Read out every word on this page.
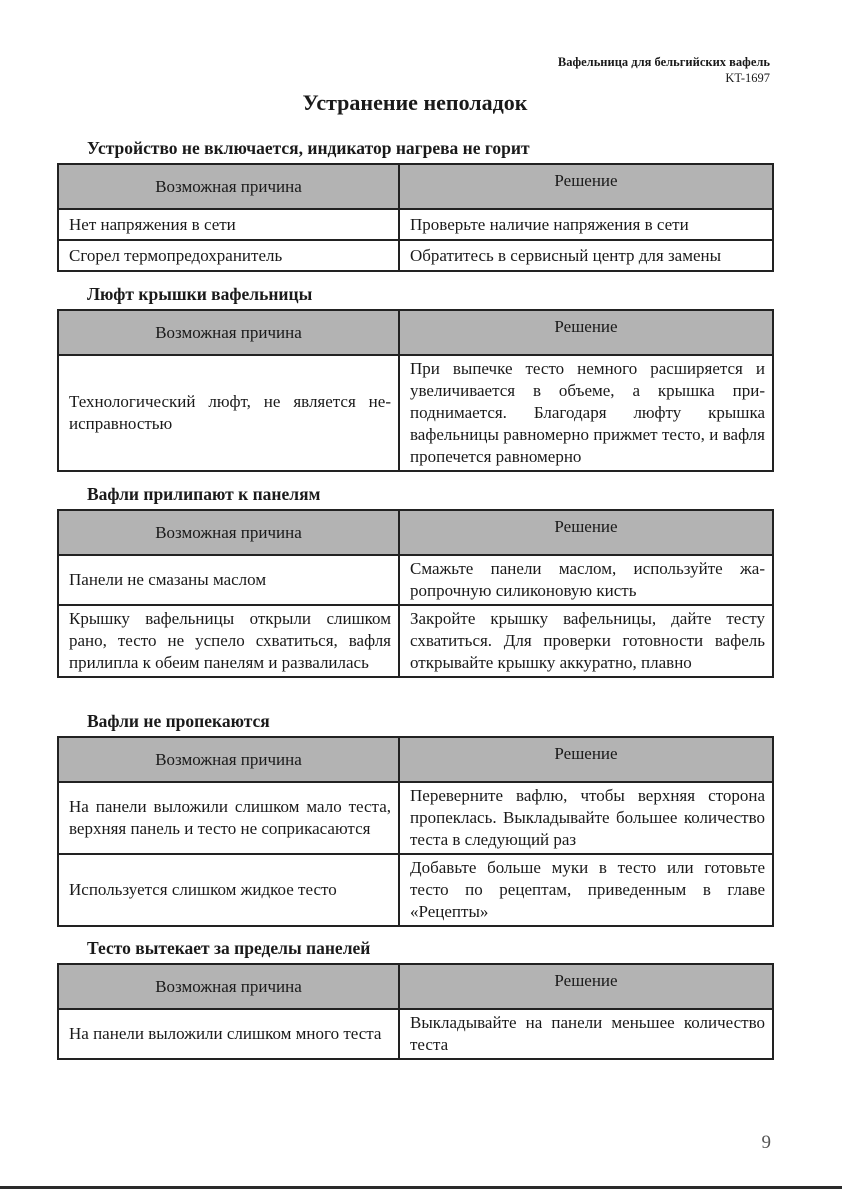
Вафельница для бельгийских вафель
KT-1697
Устранение неполадок
Устройство не включается, индикатор нагрева не горит
Возможная причина	Решение
Нет напряжения в сети	Проверьте наличие напряжения в сети
Сгорел термопредохранитель	Обратитесь в сервисный центр для замены
Люфт крышки вафельницы
Возможная причина	Решение
Технологический люфт, не является неисправностью	При выпечке тесто немного расширяется и увеличивается в объеме, а крышка приподнимается. Благодаря люфту крышка вафельницы равномерно прижмет тесто, и вафля пропечется равномерно
Вафли прилипают к панелям
Возможная причина	Решение
Панели не смазаны маслом	Смажьте панели маслом, используйте жаропрочную силиконовую кисть
Крышку вафельницы открыли слишком рано, тесто не успело схватиться, вафля прилипла к обеим панелям и развалилась	Закройте крышку вафельницы, дайте тесту схватиться. Для проверки готовности вафель открывайте крышку аккуратно, плавно
Вафли не пропекаются
Возможная причина	Решение
На панели выложили слишком мало теста, верхняя панель и тесто не соприкасаются	Переверните вафлю, чтобы верхняя сторона пропеклась. Выкладывайте большее количество теста в следующий раз
Используется слишком жидкое тесто	Добавьте больше муки в тесто или готовьте тесто по рецептам, приведенным в главе «Рецепты»
Тесто вытекает за пределы панелей
Возможная причина	Решение
На панели выложили слишком много теста	Выкладывайте на панели меньшее количество теста
9
